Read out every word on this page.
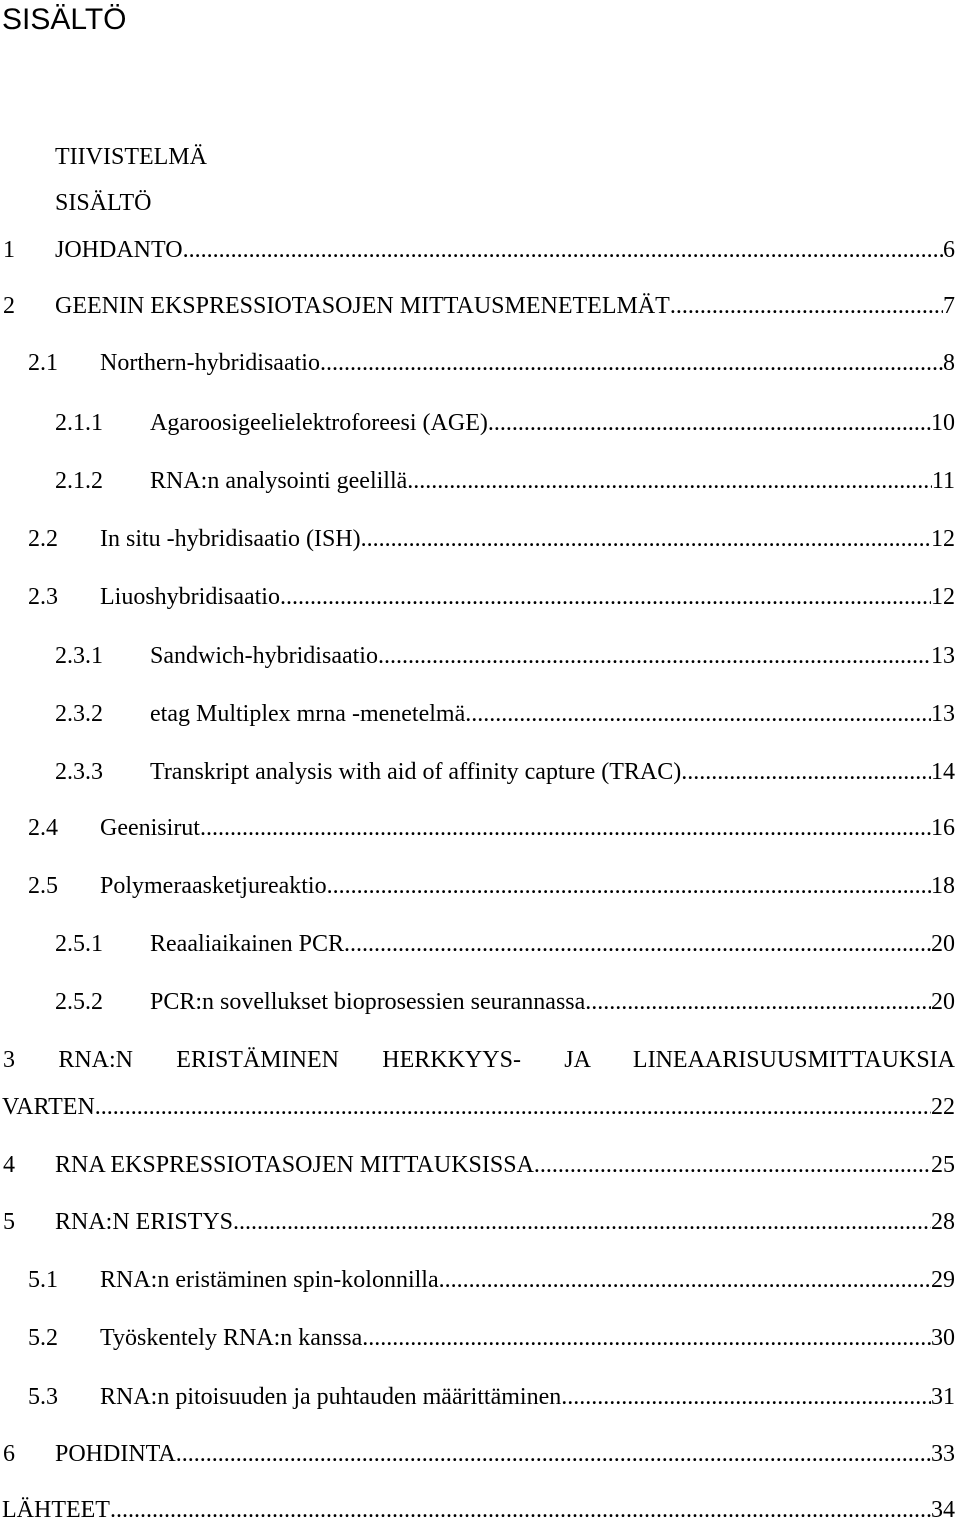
SISÄLTÖ
TIIVISTELMÄ
SISÄLTÖ
1 JOHDANTO .....	6
2 GEENIN EKSPRESSIOTASOJEN MITTAUSMENETELMÄT .....	7
2.1 Northern-hybridisaatio .....	8
2.1.1 Agaroosigeelielektroforeesi (AGE) .....	10
2.1.2 RNA:n analysointi geelillä .....	11
2.2 In situ -hybridisaatio (ISH) .....	12
2.3 Liuoshybridisaatio .....	12
2.3.1 Sandwich-hybridisaatio .....	13
2.3.2 etag Multiplex mrna -menetelmä .....	13
2.3.3 Transkript analysis with aid of affinity capture (TRAC) .....	14
2.4 Geenisirut .....	16
2.5 Polymeraasketjureaktio .....	18
2.5.1 Reaaliaikainen PCR .....	20
2.5.2 PCR:n sovellukset bioprosessien seurannassa .....	20
3 RNA:N ERISTÄMINEN HERKKYYS- JA LINEAARISUUSMITTAUKSIA
VARTEN .....	22
4 RNA EKSPRESSIOTASOJEN MITTAUKSISSA .....	25
5 RNA:N ERISTYS .....	28
5.1 RNA:n eristäminen spin-kolonnilla .....	29
5.2 Työskentely RNA:n kanssa .....	30
5.3 RNA:n pitoisuuden ja puhtauden määrittäminen .....	31
6 POHDINTA .....	33
LÄHTEET .....	34
